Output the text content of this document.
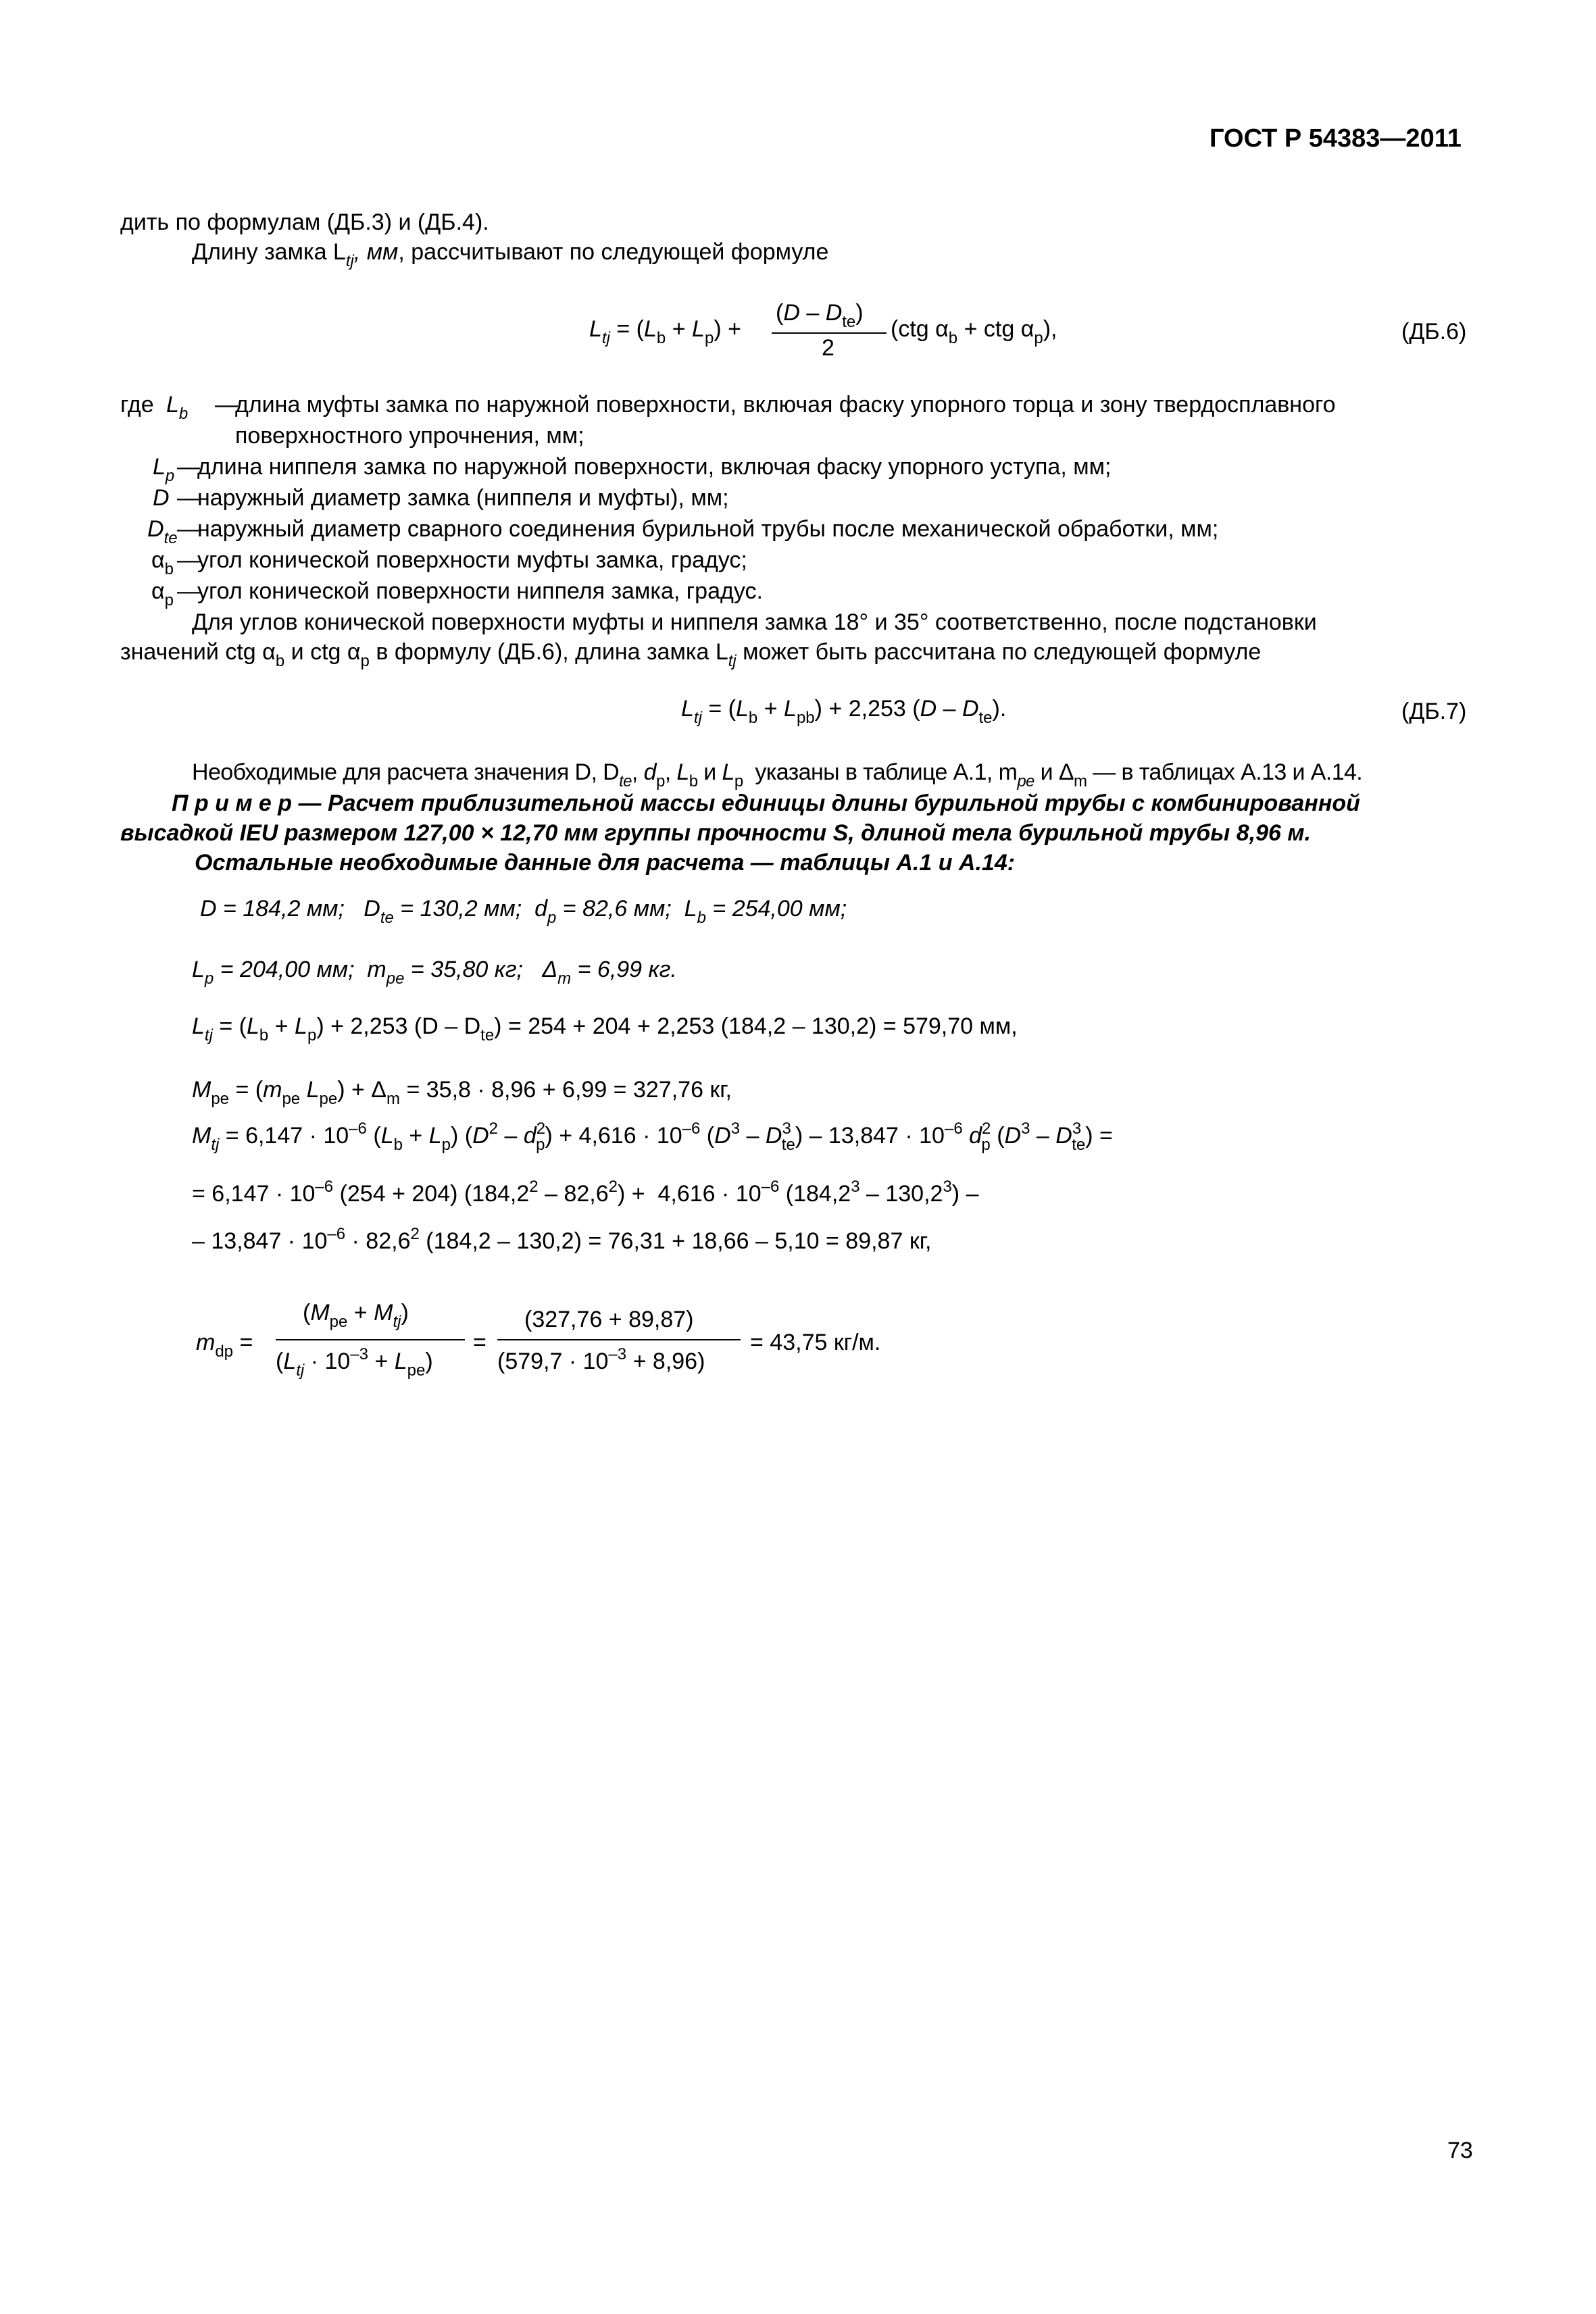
ГОСТ Р 54383—2011
дить по формулам (ДБ.3) и (ДБ.4).
Длину замка $L_{tj}$, мм, рассчитывают по следующей формуле
$L_{tj} = (L_b + L_p)$ +
$(D - D_{te})$
2
(ctg $\alpha_b$ + ctg $\alpha_p$),	(ДБ.6)
где $L_b$ —
длина муфты замка по наружной поверхности, включая фаску упорного торца и зону твердосплавного
поверхностного упрочнения, мм;
$L_p$ —
длина ниппеля замка по наружной поверхности, включая фаску упорного уступа, мм;
D —
наружный диаметр замка (ниппеля и муфты), мм;
$D_{te}$ —
наружный диаметр сварного соединения бурильной трубы после механической обработки, мм;
$\alpha_b$ —
угол конической поверхности муфты замка, градус;
$\alpha_p$ —
угол конической поверхности ниппеля замка, градус.
Для углов конической поверхности муфты и ниппеля замка 18° и 35° соответственно, после подстановки
значений ctg $\alpha_b$ и ctg $\alpha_p$ в формулу (ДБ.6), длина замка $L_{tj}$ может быть рассчитана по следующей формуле
$L_{tj} = (L_b + L_{pb}) + 2,253$ $(D - D_{te})$.	(ДБ.7)
Необходимые для расчета значения D, $D_{te}$, $d_p$, $L_b$ и $L_p$ указаны в таблице А.1, $m_{pe}$ и $\Delta_m$ — в таблицах А.13 и А.14.
П р и м е р — Расчет приблизительной массы единицы длины бурильной трубы с комбинированной
высадкой IEU размером 127,00 × 12,70 мм группы прочности S, длиной тела бурильной трубы 8,96 м.
Остальные необходимые данные для расчета — таблицы А.1 и А.14:
D = 184,2 мм;   $D_{te} = 130,2$ мм;  $d_p = 82,6$ мм;  $L_b = 254,00$ мм;
$L_p = 204,00$ мм;  $m_{pe} = 35,80$ кг;   $\Delta_m = 6,99$ кг.
$L_{tj} = (L_b + L_p) + 2,253$ $(D - D_{te}) = 254 + 204 + 2,253$ (184,2 – 130,2) = 579,70 мм,
$M_{pe} = (m_{pe}$ $L_{pe}) + \Delta_m = 35,8 \cdot 8,96 + 6,99 = 327,76$ кг,
$M_{tj} = 6,147 \cdot 10^{-6}$ $(L_b + L_p)$ $(D^2 - d^2_p) + 4,616 \cdot 10^{-6}$ $(D^3 - D^3_{te}) - 13,847 \cdot 10^{-6}$ $d^2_p$ $(D^3 - D^3_{te})$ =
= $6,147 \cdot 10^{-6}$ (254 + 204) $(184,2^2 - 82,6^2) + 4,616 \cdot 10^{-6}$ (184,2$^3$ – 130,2$^3$) –
– $13,847 \cdot 10^{-6} \cdot 82,6^2$ (184,2 – 130,2) = 76,31 + 18,66 – 5,10 = 89,87 кг,
$m_{dp}$ =
$(M_{pe} + M_{tj})$
$(L_{tj} \cdot 10^{-3} + L_{pe})$
=
(327,76 + 89,87)
$(579,7 \cdot 10^{-3} + 8,96)$
= 43,75 кг/м.
73
